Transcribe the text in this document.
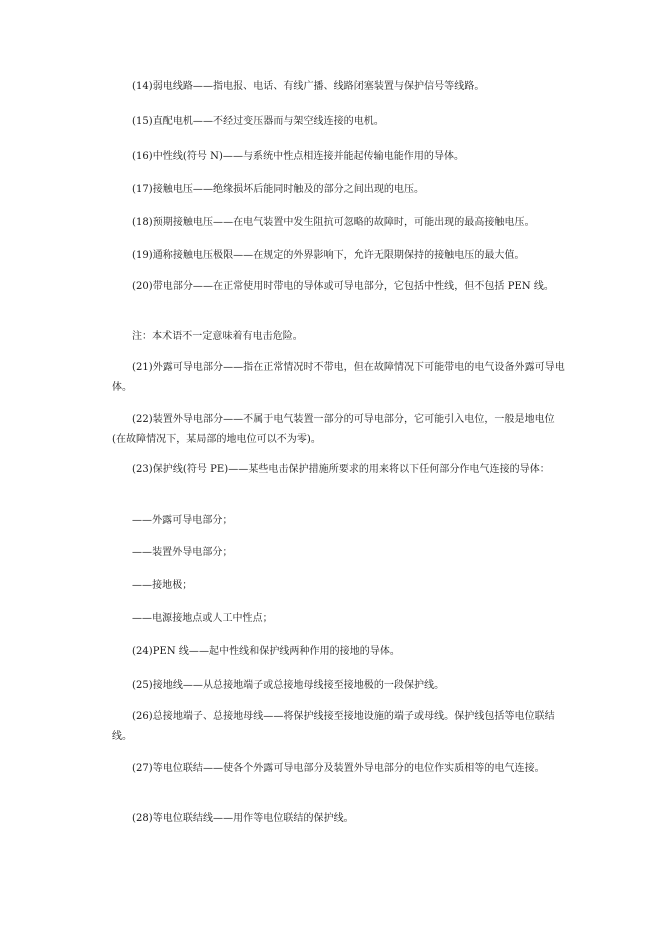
(14)弱电线路——指电报、电话、有线广播、线路闭塞装置与保护信号等线路。
(15)直配电机——不经过变压器而与架空线连接的电机。
(16)中性线(符号 N)——与系统中性点相连接并能起传输电能作用的导体。
(17)接触电压——绝缘损坏后能同时触及的部分之间出现的电压。
(18)预期接触电压——在电气装置中发生阻抗可忽略的故障时，可能出现的最高接触电压。
(19)通称接触电压极限——在规定的外界影响下，允许无限期保持的接触电压的最大值。
(20)带电部分——在正常使用时带电的导体或可导电部分，它包括中性线，但不包括 PEN 线。
注：本术语不一定意味着有电击危险。
(21)外露可导电部分——指在正常情况时不带电，但在故障情况下可能带电的电气设备外露可导电体。
(22)装置外导电部分——不属于电气装置一部分的可导电部分，它可能引入电位，一般是地电位(在故障情况下，某局部的地电位可以不为零)。
(23)保护线(符号 PE)——某些电击保护措施所要求的用来将以下任何部分作电气连接的导体：
——外露可导电部分；
——装置外导电部分；
——接地极；
——电源接地点或人工中性点；
(24)PEN 线——起中性线和保护线两种作用的接地的导体。
(25)接地线——从总接地端子或总接地母线接至接地极的一段保护线。
(26)总接地端子、总接地母线——将保护线接至接地设施的端子或母线。保护线包括等电位联结线。
(27)等电位联结——使各个外露可导电部分及装置外导电部分的电位作实质相等的电气连接。
(28)等电位联结线——用作等电位联结的保护线。
